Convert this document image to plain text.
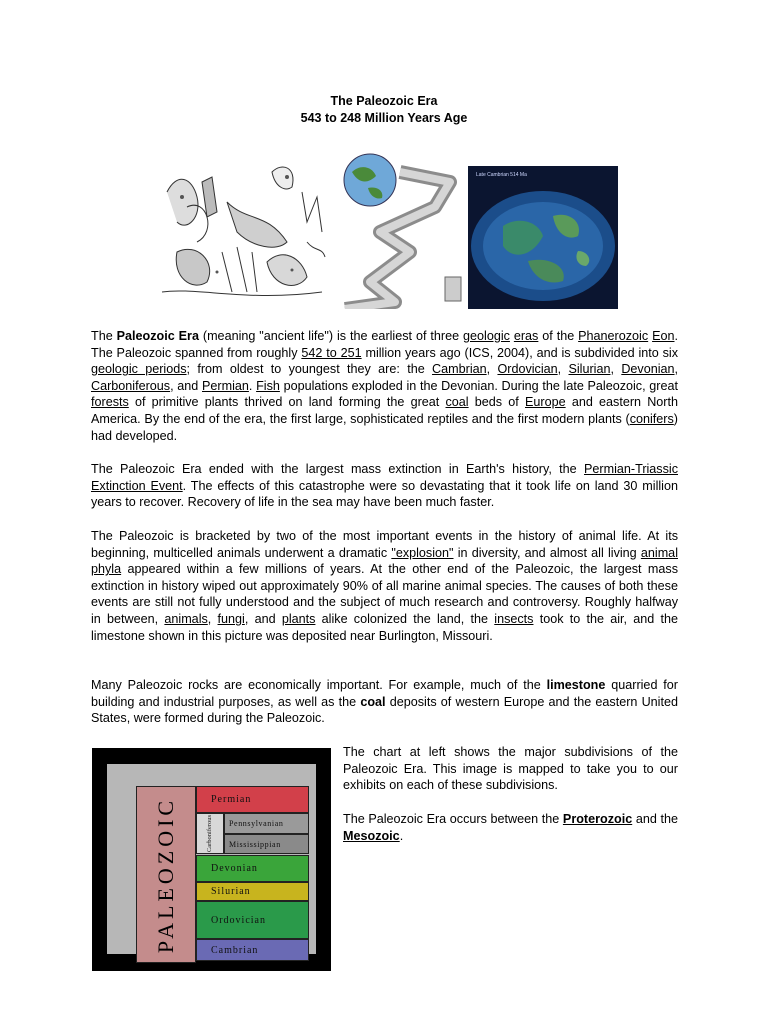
The Paleozoic Era
543 to 248 Million Years Age
Late Cambrian 514 Ma

The Paleozoic Era (meaning "ancient life") is the earliest of three geologic eras of the Phanerozoic Eon. The Paleozoic spanned from roughly 542 to 251 million years ago (ICS, 2004), and is subdivided into six geologic periods; from oldest to youngest they are: the Cambrian, Ordovician, Silurian, Devonian, Carboniferous, and Permian. Fish populations exploded in the Devonian. During the late Paleozoic, great forests of primitive plants thrived on land forming the great coal beds of Europe and eastern North America. By the end of the era, the first large, sophisticated reptiles and the first modern plants (conifers) had developed.

The Paleozoic Era ended with the largest mass extinction in Earth's history, the Permian-Triassic Extinction Event. The effects of this catastrophe were so devastating that it took life on land 30 million years to recover. Recovery of life in the sea may have been much faster.

The Paleozoic is bracketed by two of the most important events in the history of animal life. At its beginning, multicelled animals underwent a dramatic "explosion" in diversity, and almost all living animal phyla appeared within a few millions of years. At the other end of the Paleozoic, the largest mass extinction in history wiped out approximately 90% of all marine animal species. The causes of both these events are still not fully understood and the subject of much research and controversy. Roughly halfway in between, animals, fungi, and plants alike colonized the land, the insects took to the air, and the limestone shown in this picture was deposited near Burlington, Missouri.

Many Paleozoic rocks are economically important. For example, much of the limestone quarried for building and industrial purposes, as well as the coal deposits of western Europe and the eastern United States, were formed during the Paleozoic.

PALEOZOIC	Permian
Carboniferous Pennsylvanian
Mississippian
Devonian
Silurian
Ordovician
Cambrian

The chart at left shows the major subdivisions of the Paleozoic Era. This image is mapped to take you to our exhibits on each of these subdivisions.

The Paleozoic Era occurs between the Proterozoic and the Mesozoic.
